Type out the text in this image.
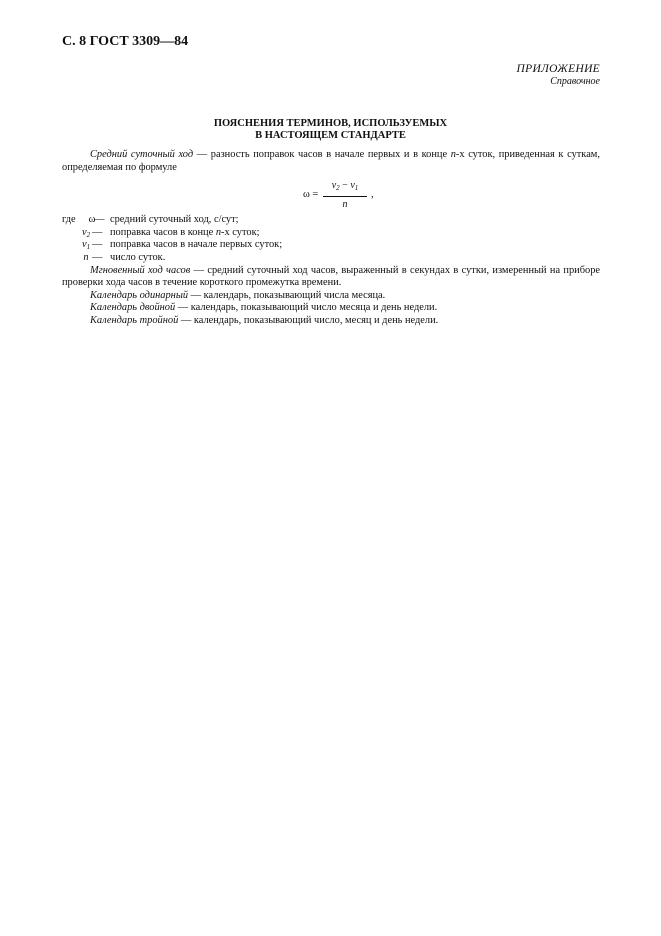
С. 8 ГОСТ 3309—84
ПРИЛОЖЕНИЕ
Справочное
ПОЯСНЕНИЯ ТЕРМИНОВ, ИСПОЛЬЗУЕМЫХ
В НАСТОЯЩЕМ СТАНДАРТЕ

Средний суточный ход — разность поправок часов в начале первых и в конце n-х суток, приведенная к суткам, определяемая по формуле

$\omega = \frac{v_2 - v_1}{n}$ ,
где	ω
— средний суточный ход, с/сут;
$v_2$ — поправка часов в конце n-х суток;
$v_1$ — поправка часов в начале первых суток;
n — число суток.

Мгновенный ход часов — средний суточный ход часов, выраженный в секундах в сутки, измеренный на приборе проверки хода часов в течение короткого промежутка времени.

Календарь одинарный — календарь, показывающий числа месяца.

Календарь двойной — календарь, показывающий число месяца и день недели.

Календарь тройной — календарь, показывающий число, месяц и день недели.
